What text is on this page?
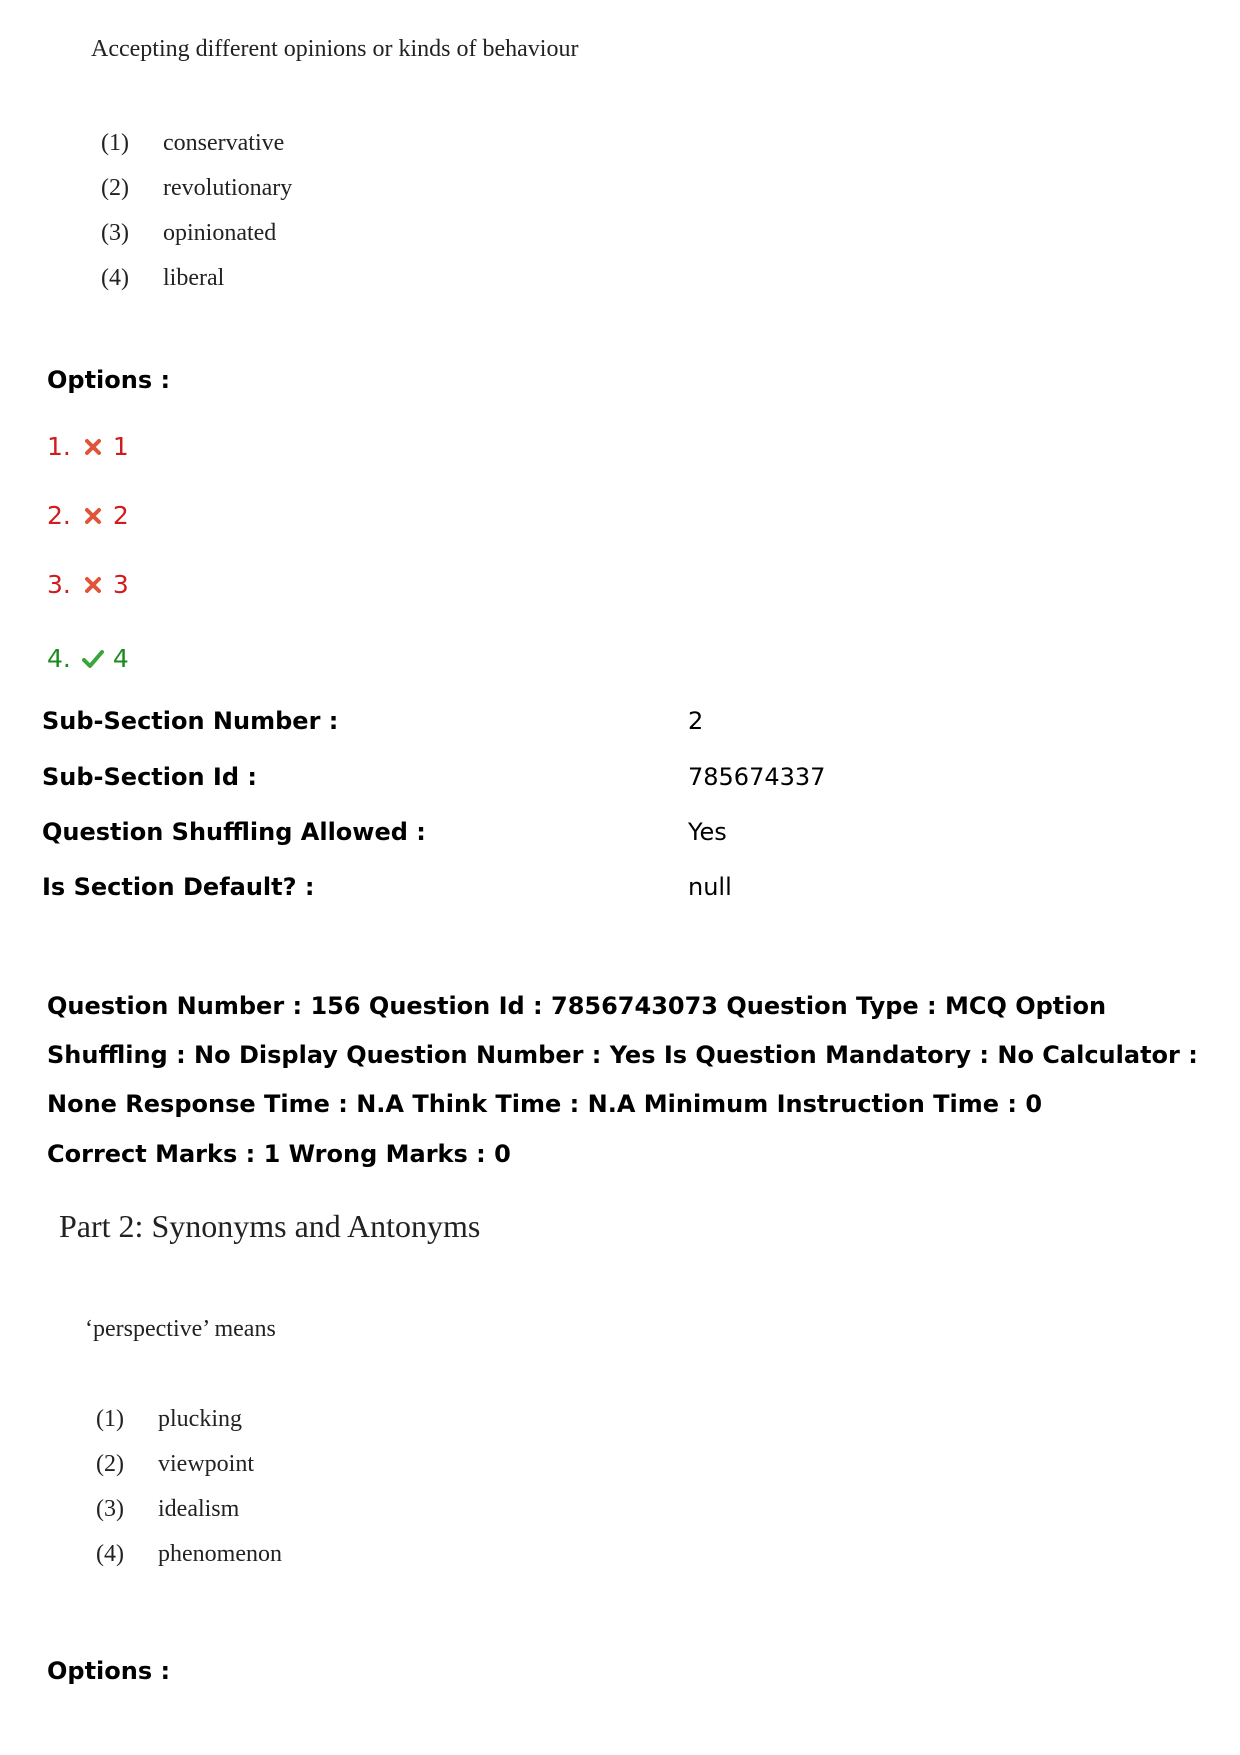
Accepting different opinions or kinds of behaviour
(1) conservative
(2) revolutionary
(3) opinionated
(4) liberal
Options :
1. 1
2. 2
3. 3
4. 4
Sub-Section Number :	2
Sub-Section Id :	785674337
Question Shuffling Allowed :	Yes
Is Section Default? :	null
Question Number : 156 Question Id : 7856743073 Question Type : MCQ Option Shuffling : No Display Question Number : Yes Is Question Mandatory : No Calculator : None Response Time : N.A Think Time : N.A Minimum Instruction Time : 0
Correct Marks : 1 Wrong Marks : 0
Part 2: Synonyms and Antonyms
‘perspective’ means
(1) plucking
(2) viewpoint
(3) idealism
(4) phenomenon
Options :
